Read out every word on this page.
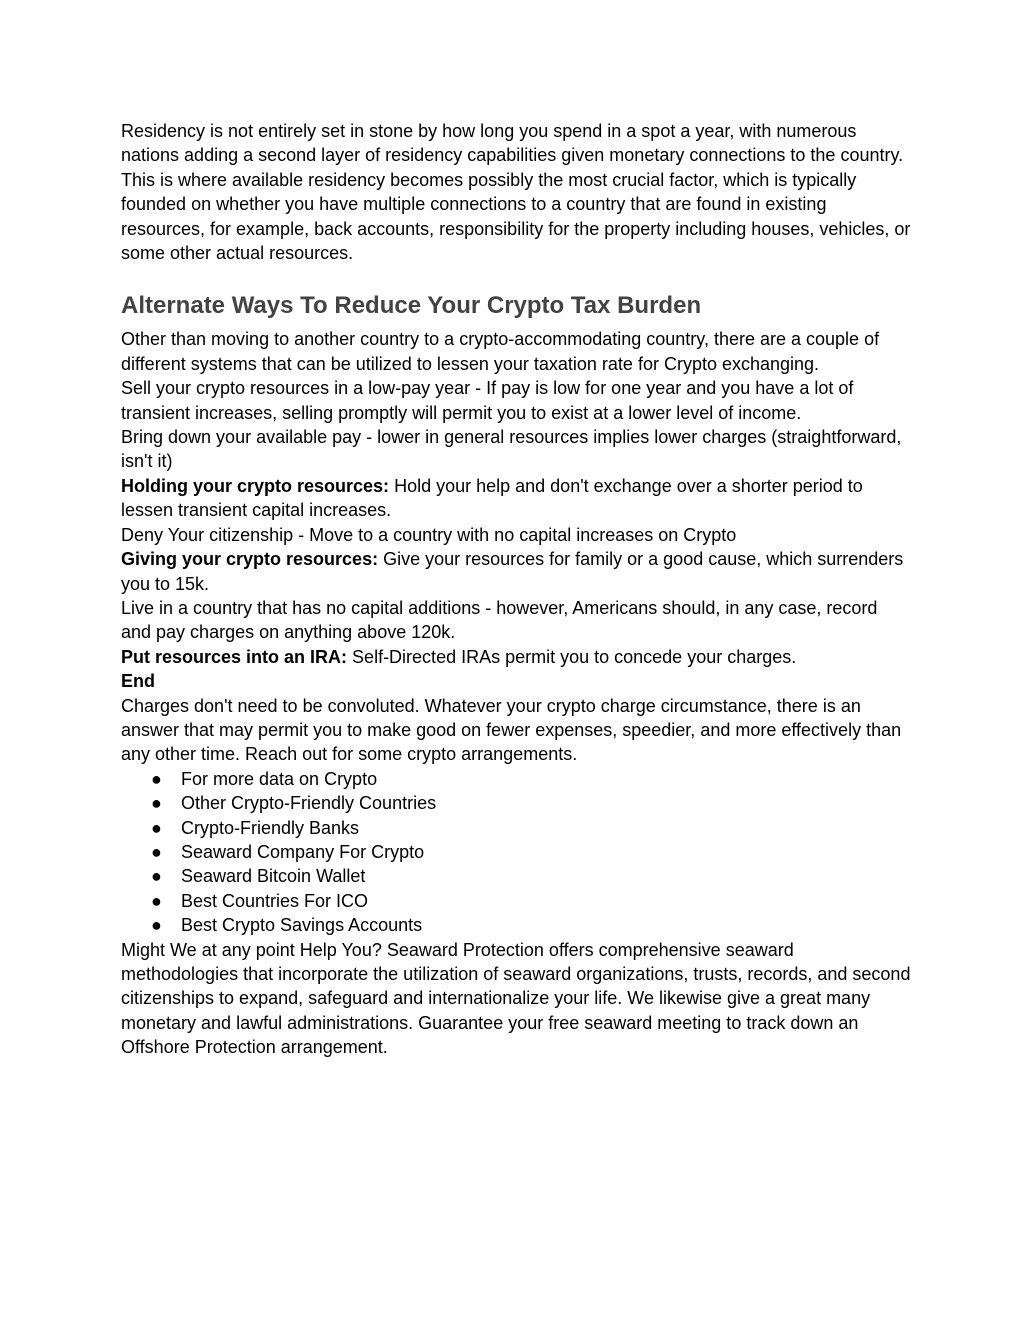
Residency is not entirely set in stone by how long you spend in a spot a year, with numerous nations adding a second layer of residency capabilities given monetary connections to the country.

This is where available residency becomes possibly the most crucial factor, which is typically founded on whether you have multiple connections to a country that are found in existing resources, for example, back accounts, responsibility for the property including houses, vehicles, or some other actual resources.

Alternate Ways To Reduce Your Crypto Tax Burden

Other than moving to another country to a crypto-accommodating country, there are a couple of different systems that can be utilized to lessen your taxation rate for Crypto exchanging.

Sell your crypto resources in a low-pay year - If pay is low for one year and you have a lot of transient increases, selling promptly will permit you to exist at a lower level of income.

Bring down your available pay - lower in general resources implies lower charges (straightforward, isn't it)

Holding your crypto resources: Hold your help and don't exchange over a shorter period to lessen transient capital increases.

Deny Your citizenship - Move to a country with no capital increases on Crypto

Giving your crypto resources: Give your resources for family or a good cause, which surrenders you to 15k.

Live in a country that has no capital additions - however, Americans should, in any case, record and pay charges on anything above 120k.

Put resources into an IRA: Self-Directed IRAs permit you to concede your charges.

End

Charges don't need to be convoluted. Whatever your crypto charge circumstance, there is an answer that may permit you to make good on fewer expenses, speedier, and more effectively than any other time. Reach out for some crypto arrangements.

● For more data on Crypto
● Other Crypto-Friendly Countries
● Crypto-Friendly Banks
● Seaward Company For Crypto
● Seaward Bitcoin Wallet
● Best Countries For ICO
● Best Crypto Savings Accounts

Might We at any point Help You? Seaward Protection offers comprehensive seaward methodologies that incorporate the utilization of seaward organizations, trusts, records, and second citizenships to expand, safeguard and internationalize your life. We likewise give a great many monetary and lawful administrations. Guarantee your free seaward meeting to track down an Offshore Protection arrangement.
